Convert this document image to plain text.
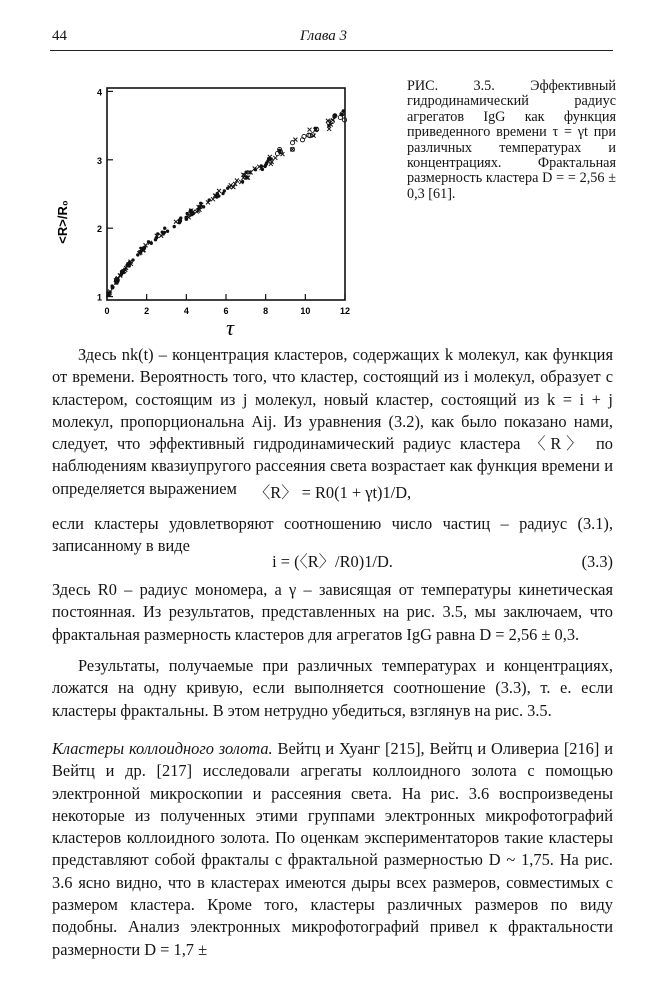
44	Глава 3
1
2
3
4
0	2	4	6	8	10	12
<R>/R₀
τ
РИС. 3.5. Эффективный гидродинамический радиус агрегатов IgG как функция приведенного времени τ = γt при различных температурах и концентрациях. Фрактальная размерность кластера D = = 2,56 ± 0,3 [61].
Здесь nk(t) – концентрация кластеров, содержащих k молекул, как функция от времени. Вероятность того, что кластер, состоящий из i молекул, образует с кластером, состоящим из j молекул, новый кластер, состоящий из k = i + j молекул, пропорциональна Aij. Из уравнения (3.2), как было показано нами, следует, что эффективный гидродинамический радиус кластера 〈R〉 по наблюдениям квазиупругого рассеяния света возрастает как функция времени и определяется выражением	〈R〉 = R0(1 + γt)1/D,
если кластеры удовлетворяют соотношению число частиц – радиус (3.1), записанному в виде
i = (〈R〉/R0)1/D.	(3.3)
Здесь R0 – радиус мономера, а γ – зависящая от температуры кинетическая постоянная. Из результатов, представленных на рис. 3.5, мы заключаем, что фрактальная размерность кластеров для агрегатов IgG равна D = 2,56 ± 0,3.
Результаты, получаемые при различных температурах и концентрациях, ложатся на одну кривую, если выполняется соотношение (3.3), т. е. если кластеры фрактальны. В этом нетрудно убедиться, взглянув на рис. 3.5.
Кластеры коллоидного золота. Вейтц и Хуанг [215], Вейтц и Оливериа [216] и Вейтц и др. [217] исследовали агрегаты коллоидного золота с помощью электронной микроскопии и рассеяния света. На рис. 3.6 воспроизведены некоторые из полученных этими группами электронных микрофотографий кластеров коллоидного золота. По оценкам экспериментаторов такие кластеры представляют собой фракталы с фрактальной размерностью D ~ 1,75. На рис. 3.6 ясно видно, что в кластерах имеются дыры всех размеров, совместимых с размером кластера. Кроме того, кластеры различных размеров по виду подобны. Анализ электронных микрофотографий привел к фрактальности размерности D = 1,7 ±
